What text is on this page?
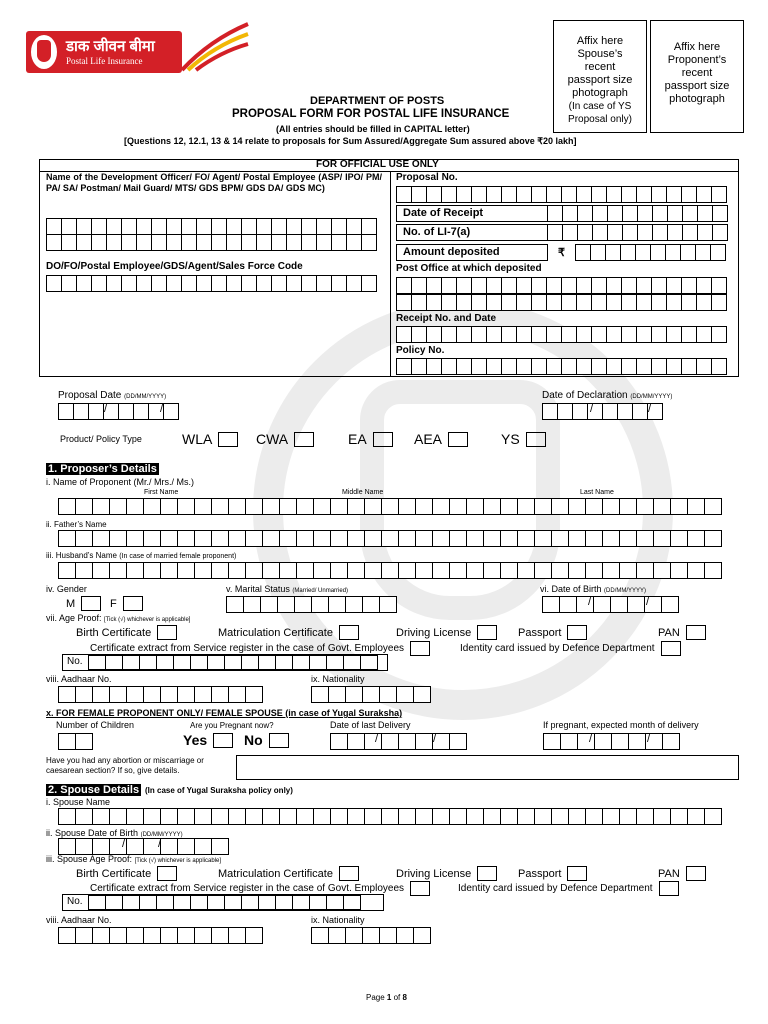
डाक जीवन बीमा
Postal Life Insurance
DEPARTMENT OF POSTS
PROPOSAL FORM FOR POSTAL LIFE INSURANCE
(All entries should be filled in CAPITAL letter)
[Questions 12, 12.1, 13 & 14 relate to proposals for Sum Assured/Aggregate Sum assured above ₹20 lakh]
Affix here
Spouse’s
recent
passport size
photograph
(In case of YS
Proposal only)
Affix here
Proponent’s
recent
passport size
photograph
FOR OFFICIAL USE ONLY
Name of the Development Officer/ FO/ Agent/ Postal Employee (ASP/ IPO/ PM/ PA/ SA/ Postman/ Mail Guard/ MTS/ GDS BPM/ GDS DA/ GDS MC)
DO/FO/Postal Employee/GDS/Agent/Sales Force Code
Proposal No.
Date of Receipt
No. of LI-7(a)
Amount deposited	₹
Post Office at which deposited
Receipt No. and Date
Policy No.
Proposal Date (DD/MM/YYYY)
/	/
Date of Declaration (DD/MM/YYYY)
/	/
Product/ Policy Type	WLA	CWA	EA	AEA	YS
1. Proposer’s Details
i. Name of Proponent (Mr./ Mrs./ Ms.)
First Name	Middle Name	Last Name
ii. Father’s Name
iii. Husband’s Name (In case of married female proponent)
iv. Gender
M	F
v. Marital Status (Married/ Unmarried)	vi. Date of Birth (DD/MM/YYYY)
/	/
vii. Age Proof: [Tick (√) whichever is applicable]
Birth Certificate	Matriculation Certificate	Driving License	Passport	PAN
Certificate extract from Service register in the case of Govt. Employees	Identity card issued by Defence Department
No.
viii. Aadhaar No.	ix. Nationality
x. FOR FEMALE PROPONENT ONLY/ FEMALE SPOUSE (in case of Yugal Suraksha)
Number of Children	Are you Pregnant now?
Yes	No
Date of last Delivery
/	/
If pregnant, expected month of delivery
/	/
Have you had any abortion or miscarriage or caesarean section? If so, give details.
2. Spouse Details (In case of Yugal Suraksha policy only)
i. Spouse Name
ii. Spouse Date of Birth (DD/MM/YYYY)
/	/
iii. Spouse Age Proof: [Tick (√) whichever is applicable]
Birth Certificate	Matriculation Certificate	Driving License	Passport	PAN
Certificate extract from Service register in the case of Govt. Employees	Identity card issued by Defence Department
No.
viii. Aadhaar No.	ix. Nationality
Page 1 of 8
